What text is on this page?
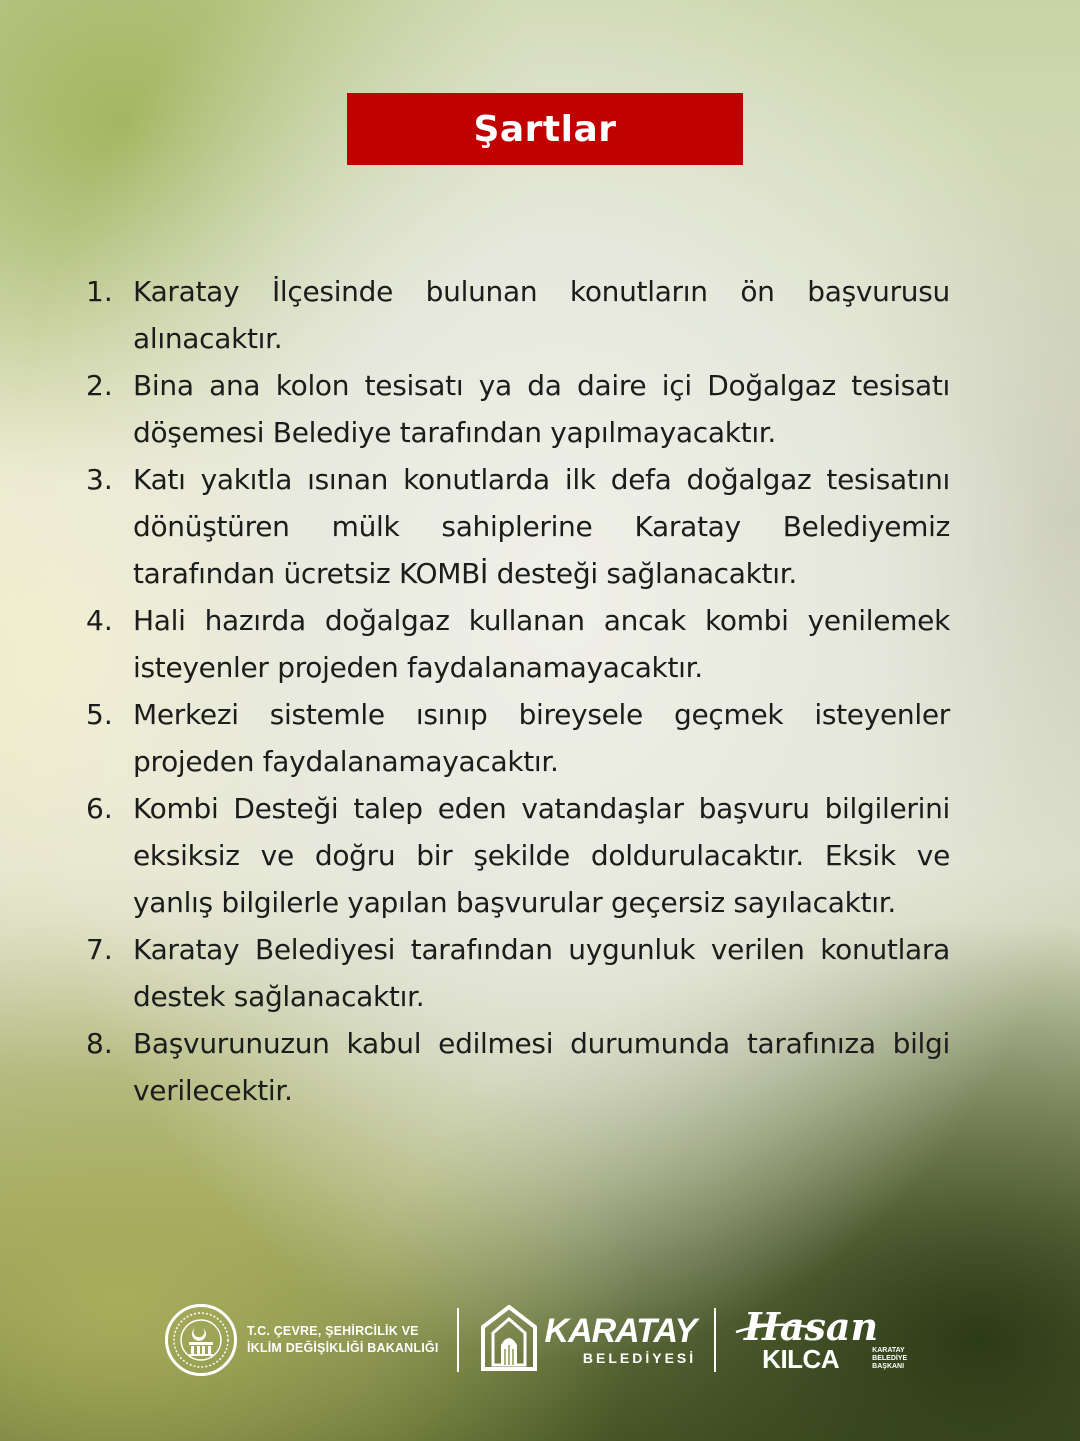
Şartlar
1. Karatay İlçesinde bulunan konutların ön başvurusu alınacaktır.
2. Bina ana kolon tesisatı ya da daire içi Doğalgaz tesisatı döşemesi Belediye tarafından yapılmayacaktır.
3. Katı yakıtla ısınan konutlarda ilk defa doğalgaz tesisatını dönüştüren mülk sahiplerine Karatay Belediyemiz tarafından ücretsiz KOMBİ desteği sağlanacaktır.
4. Hali hazırda doğalgaz kullanan ancak kombi yenilemek isteyenler projeden faydalanamayacaktır.
5. Merkezi sistemle ısınıp bireysele geçmek isteyenler projeden faydalanamayacaktır.
6. Kombi Desteği talep eden vatandaşlar başvuru bilgilerini eksiksiz ve doğru bir şekilde doldurulacaktır. Eksik ve yanlış bilgilerle yapılan başvurular geçersiz sayılacaktır.
7. Karatay Belediyesi tarafından uygunluk verilen konutlara destek sağlanacaktır.
8. Başvurunuzun kabul edilmesi durumunda tarafınıza bilgi verilecektir.
T.C. ÇEVRE, ŞEHİRCİLİK VE
İKLİM DEĞİŞİKLİĞİ BAKANLIĞI	KARATAY
BELEDİYESİ
Hasan
KILCA	KARATAY
BELEDİYE
BAŞKANI
